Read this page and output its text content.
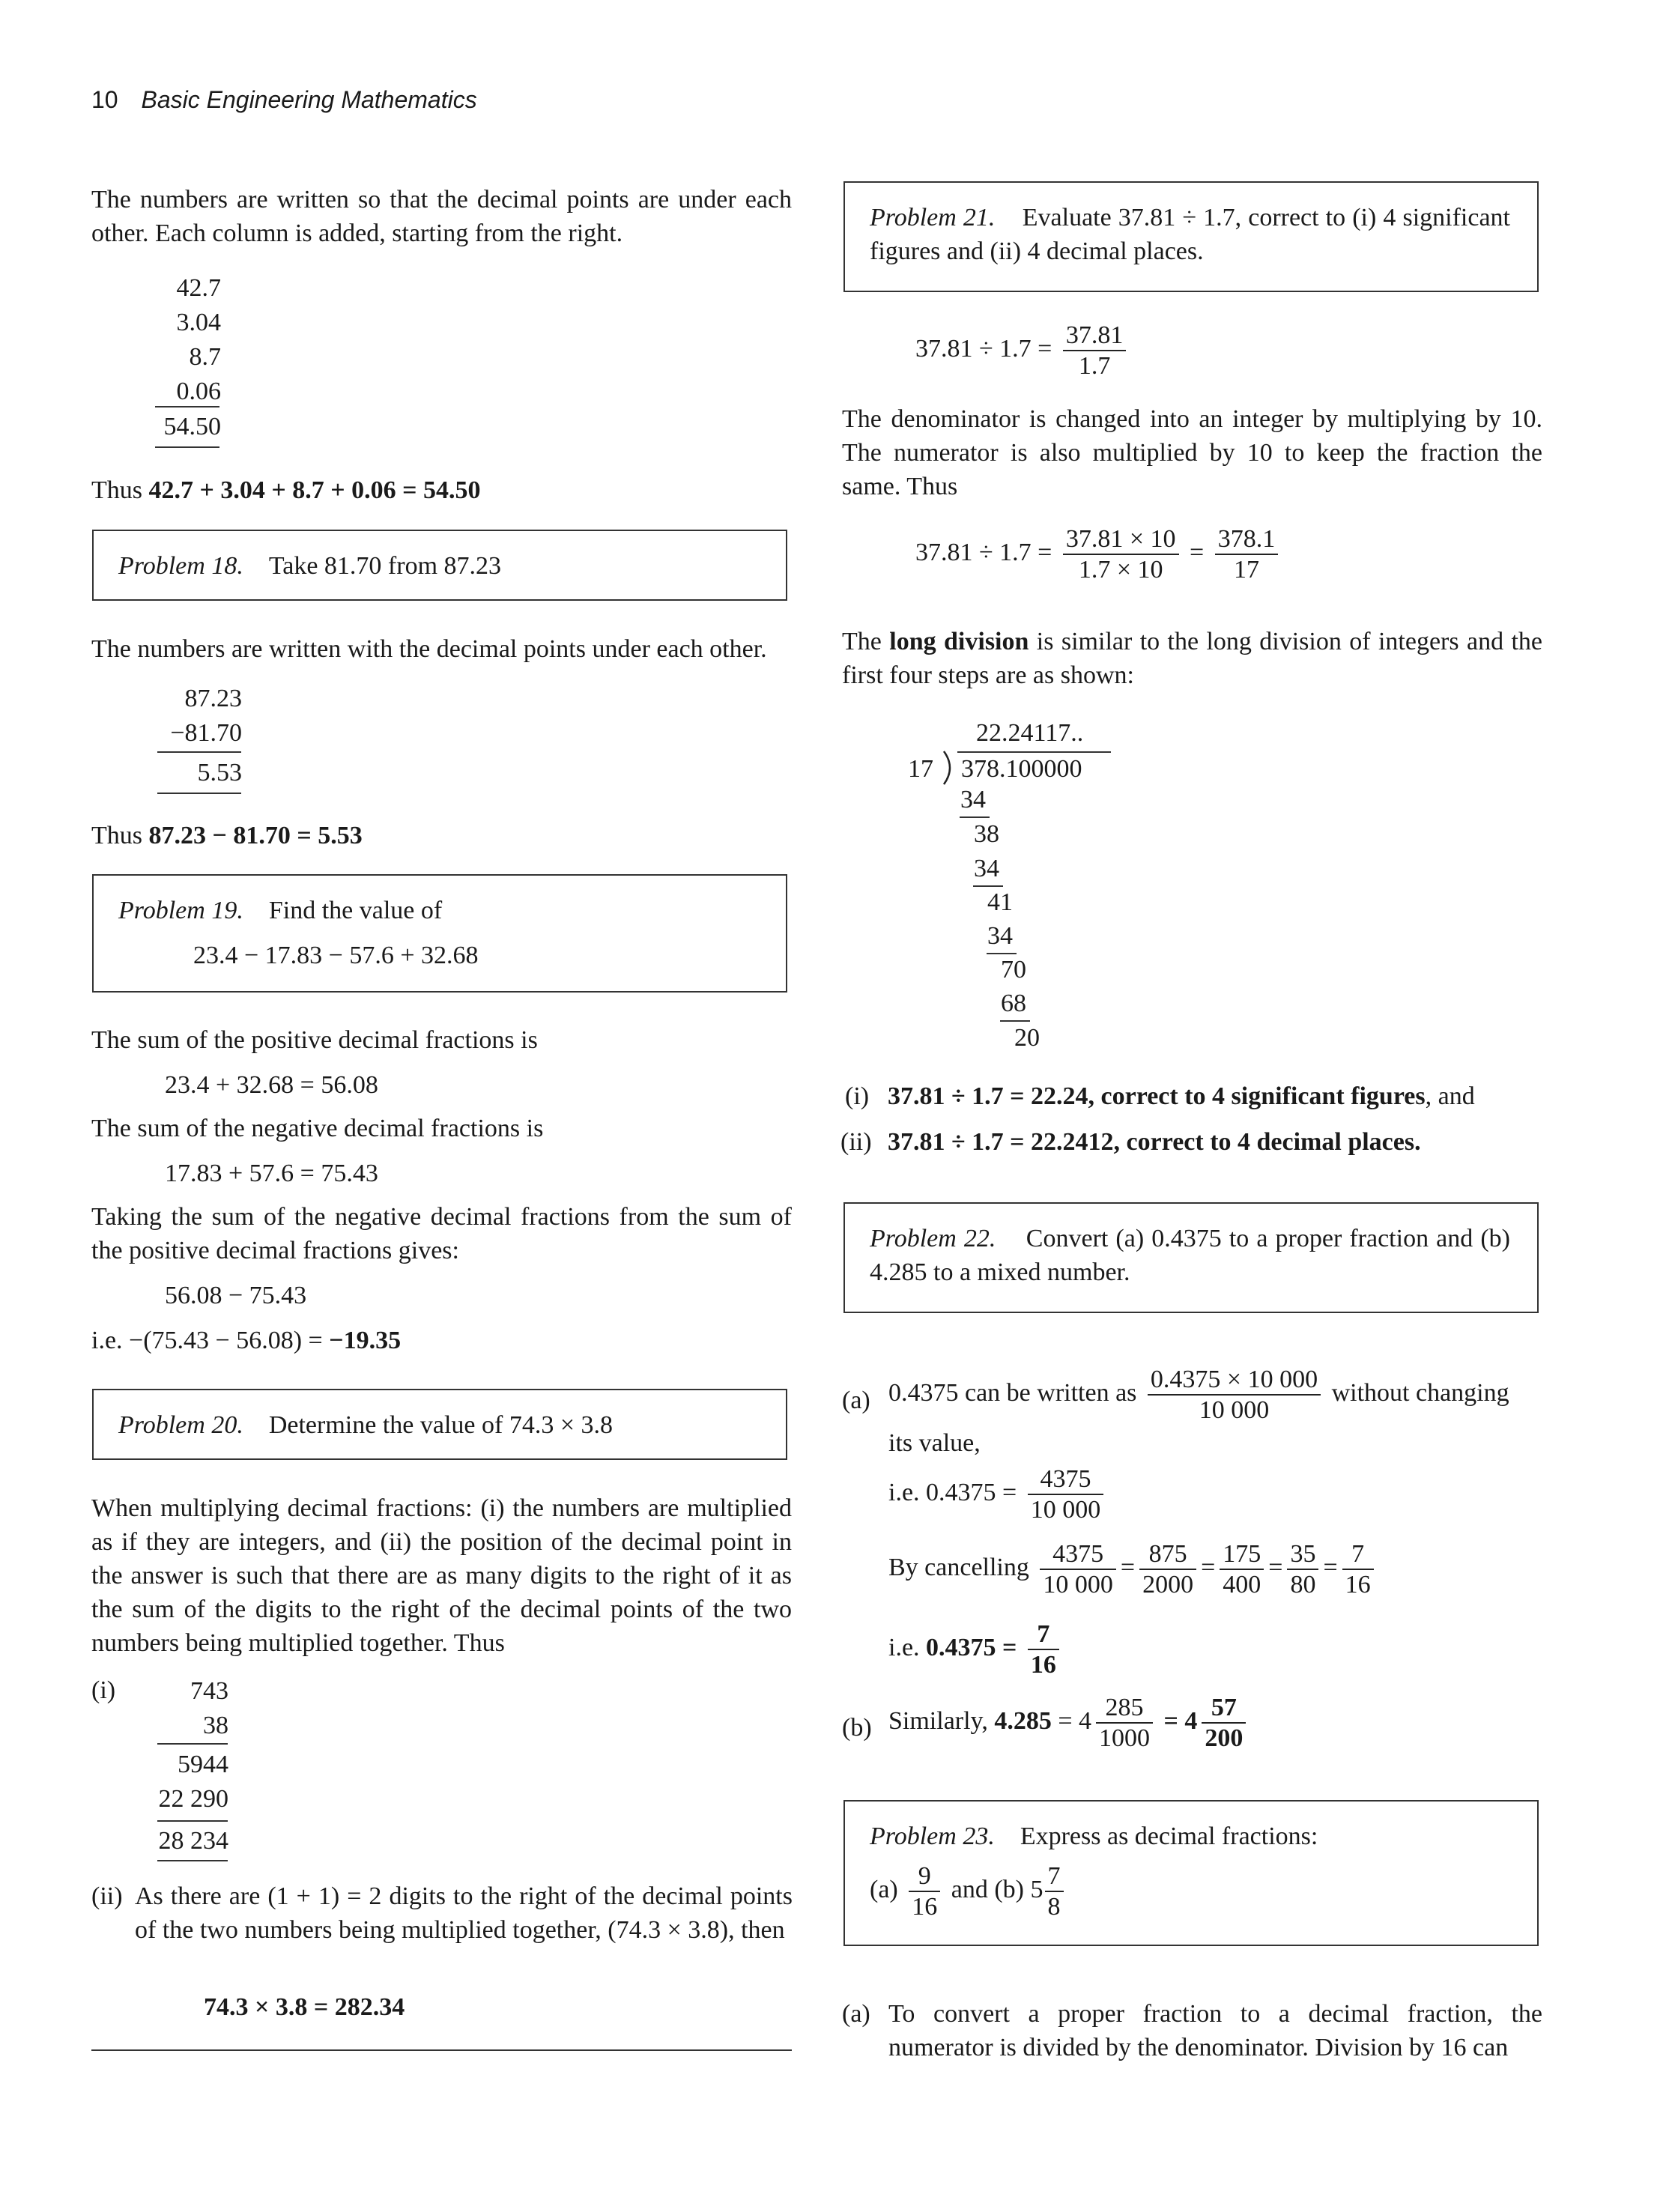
10 Basic Engineering Mathematics

The numbers are written so that the decimal points are under each other. Each column is added, starting from the right.

42.7
3.04
8.7
0.06
54.50

Thus 42.7 + 3.04 + 8.7 + 0.06 = 54.50

Problem 18. Take 81.70 from 87.23

The numbers are written with the decimal points under each other.

87.23
−81.70
5.53

Thus 87.23 − 81.70 = 5.53

Problem 19. Find the value of

23.4 − 17.83 − 57.6 + 32.68

The sum of the positive decimal fractions is

23.4 + 32.68 = 56.08

The sum of the negative decimal fractions is

17.83 + 57.6 = 75.43

Taking the sum of the negative decimal fractions from the sum of the positive decimal fractions gives:

56.08 − 75.43

i.e. −(75.43 − 56.08) = −19.35

Problem 20. Determine the value of 74.3 × 3.8

When multiplying decimal fractions: (i) the numbers are multiplied as if they are integers, and (ii) the position of the decimal point in the answer is such that there are as many digits to the right of it as the sum of the digits to the right of the decimal points of the two numbers being multiplied together. Thus

(i)	743
38
5944
22 290
28 234
(ii) As there are (1 + 1) = 2 digits to the right of the decimal points of the two numbers being multiplied together, (74.3 × 3.8), then

74.3 × 3.8 = 282.34

Problem 21. Evaluate 37.81 ÷ 1.7, correct to (i) 4 significant figures and (ii) 4 decimal places.

$37.81 \div 1.7 = \frac{37.81}{1.7}$

The denominator is changed into an integer by multiplying by 10. The numerator is also multiplied by 10 to keep the fraction the same. Thus

$37.81 \div 1.7 = \frac{37.81 \times 10}{1.7 \times 10} = \frac{378.1}{17}$

The long division is similar to the long division of integers and the first four steps are as shown:

22.24117..
17 378.100000
34
38
34
41
34
70
68
20
(i) 37.81 ÷ 1.7 = 22.24, correct to 4 significant figures, and

(ii) 37.81 ÷ 1.7 = 22.2412, correct to 4 decimal places.

Problem 22. Convert (a) 0.4375 to a proper fraction and (b) 4.285 to a mixed number.

(a) 0.4375 can be written as $\frac{0.4375 \times 10 000}{10 000}$ without changing

its value,

i.e. $0.4375 = \frac{4375}{10 000}$
By cancelling $\frac{4375}{10 000} = \frac{875}{2000} = \frac{175}{400} = \frac{35}{80} = \frac{7}{16}$
i.e. $0.4375 = \frac{7}{16}$
(b) Similarly, $4.285 = 4 \frac{285}{1000} = 4 \frac{57}{200}$

Problem 23. Express as decimal fractions:

$(a) \frac{9}{16}$ and (b) $5 \frac{7}{8}$
(a) To convert a proper fraction to a decimal fraction, the numerator is divided by the denominator. Division by 16 can
